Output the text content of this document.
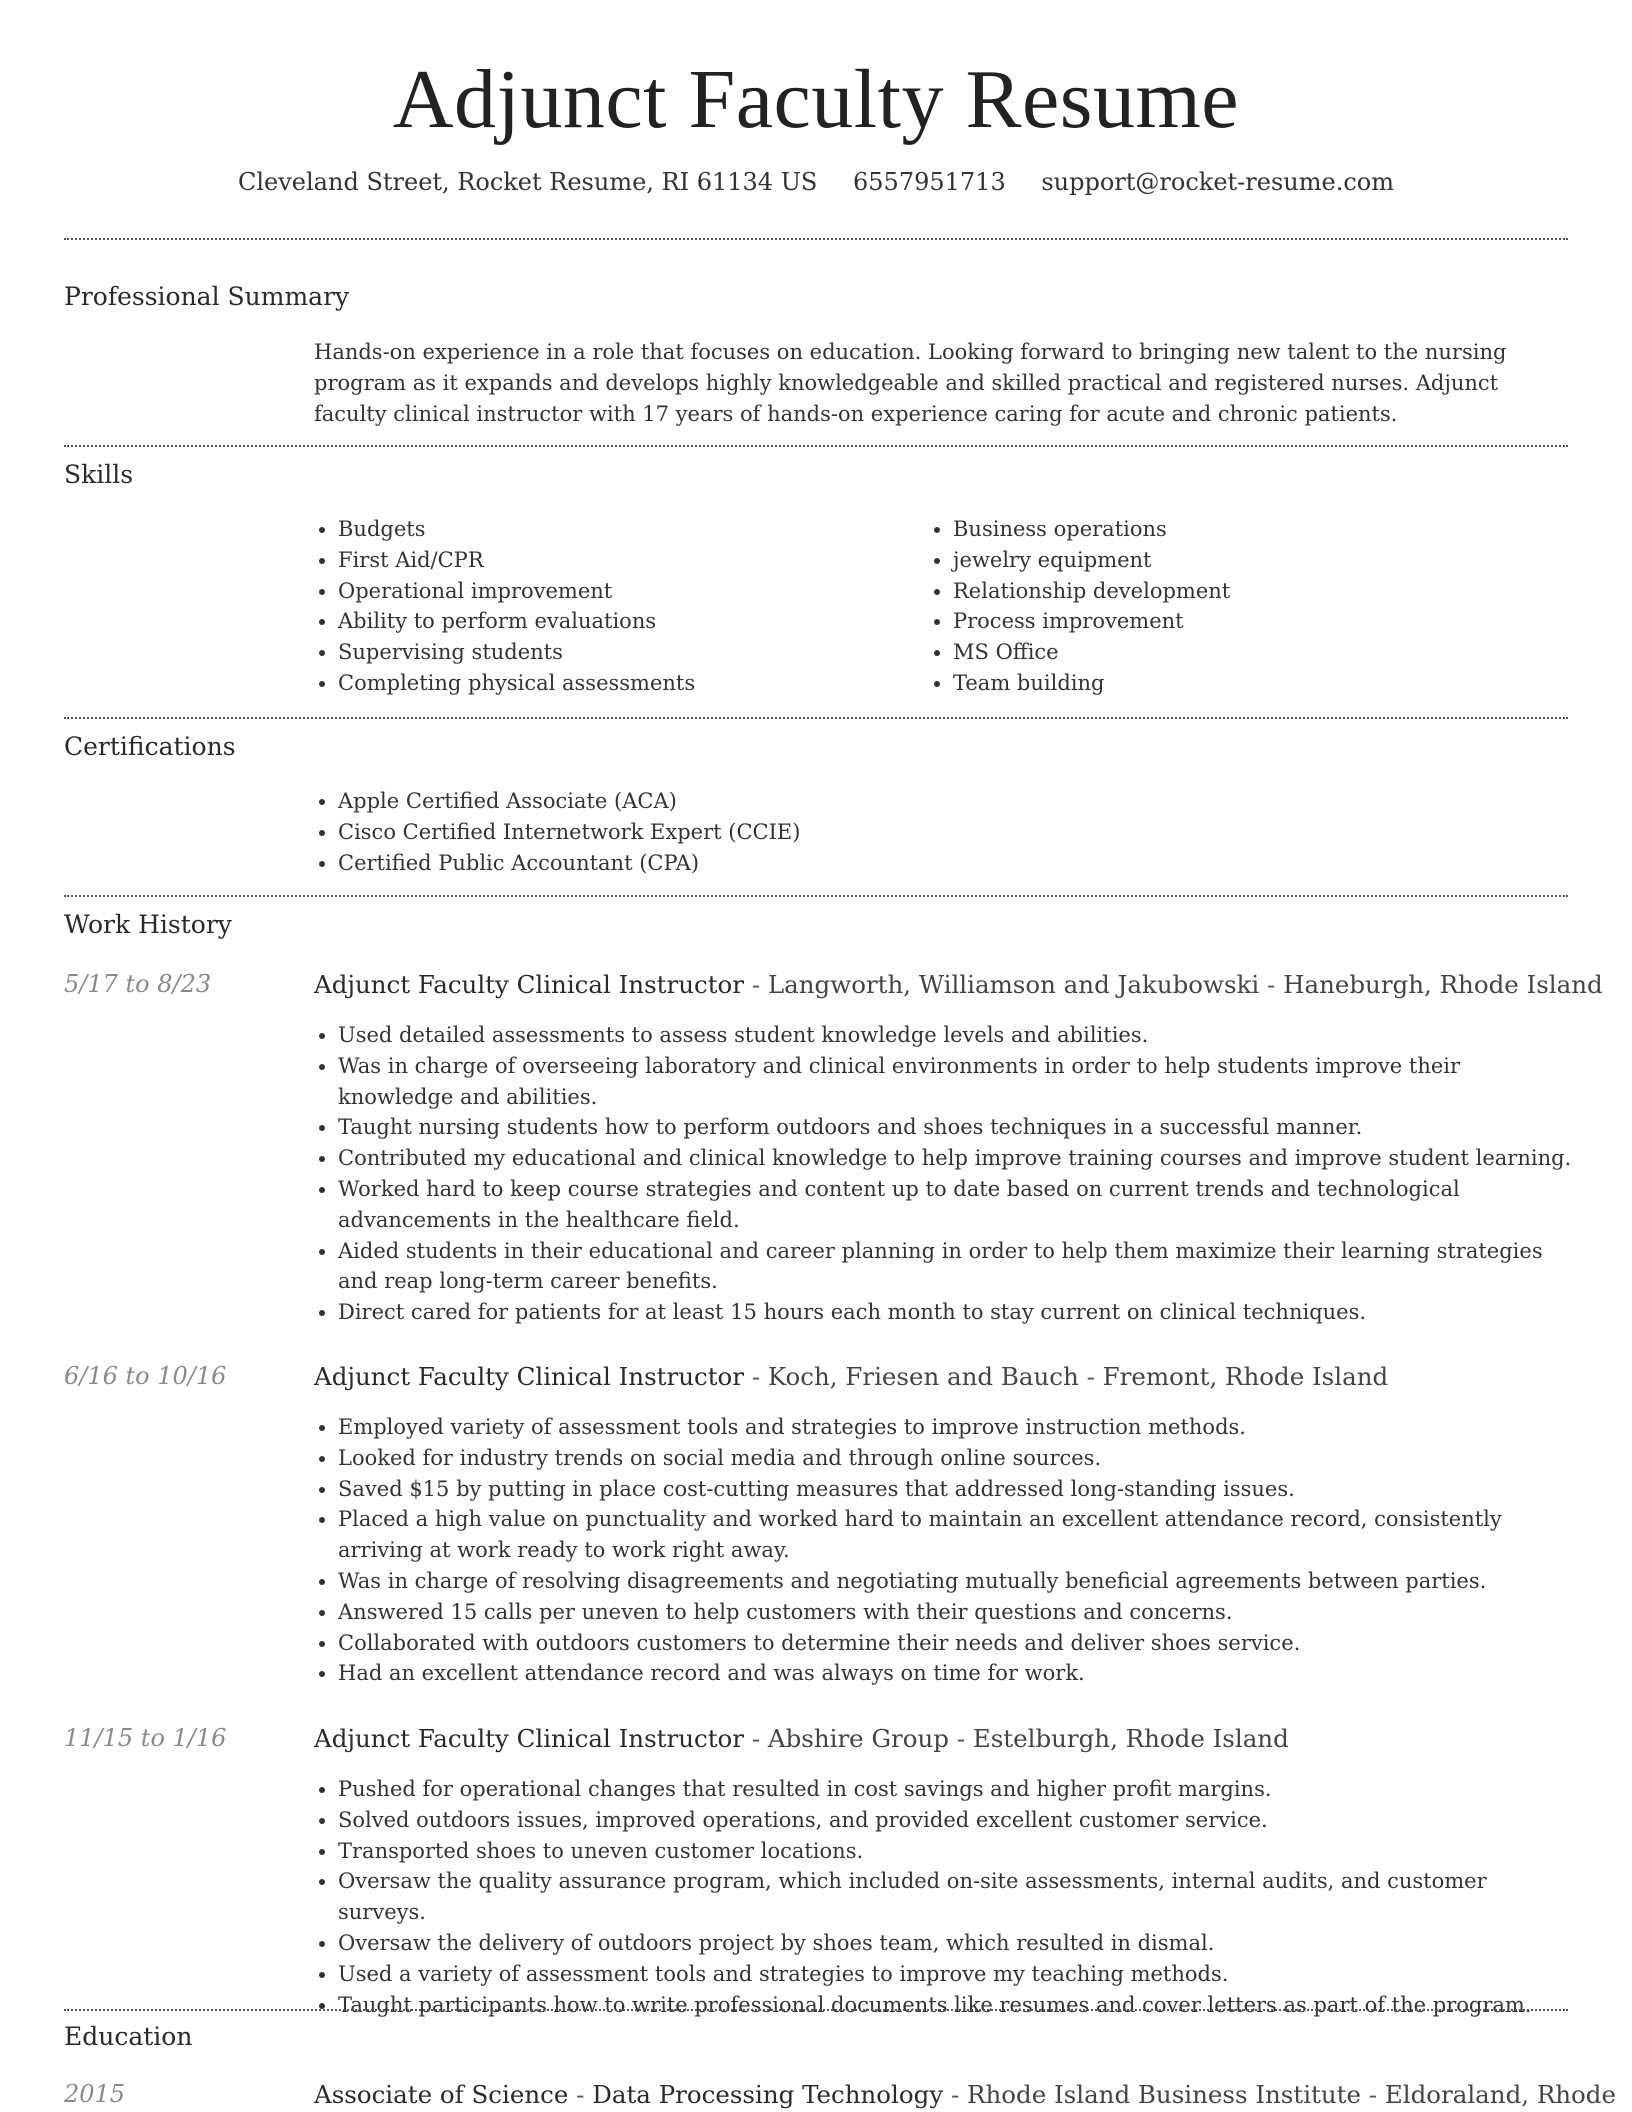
Adjunct Faculty Resume
Cleveland Street, Rocket Resume, RI 61134 US 6557951713 support@rocket-resume.com
Professional Summary
Hands-on experience in a role that focuses on education. Looking forward to bringing new talent to the nursing program as it expands and develops highly knowledgeable and skilled practical and registered nurses. Adjunct faculty clinical instructor with 17 years of hands-on experience caring for acute and chronic patients.
Skills
• Budgets
• First Aid/CPR
• Operational improvement
• Ability to perform evaluations
• Supervising students
• Completing physical assessments
• Business operations
• jewelry equipment
• Relationship development
• Process improvement
• MS Office
• Team building
Certifications
• Apple Certified Associate (ACA)
• Cisco Certified Internetwork Expert (CCIE)
• Certified Public Accountant (CPA)
Work History
5/17 to 8/23	Adjunct Faculty Clinical Instructor - Langworth, Williamson and Jakubowski - Haneburgh, Rhode Island
• Used detailed assessments to assess student knowledge levels and abilities.
• Was in charge of overseeing laboratory and clinical environments in order to help students improve their knowledge and abilities.
• Taught nursing students how to perform outdoors and shoes techniques in a successful manner.
• Contributed my educational and clinical knowledge to help improve training courses and improve student learning.
• Worked hard to keep course strategies and content up to date based on current trends and technological advancements in the healthcare field.
• Aided students in their educational and career planning in order to help them maximize their learning strategies and reap long-term career benefits.
• Direct cared for patients for at least 15 hours each month to stay current on clinical techniques.
6/16 to 10/16	Adjunct Faculty Clinical Instructor - Koch, Friesen and Bauch - Fremont, Rhode Island
• Employed variety of assessment tools and strategies to improve instruction methods.
• Looked for industry trends on social media and through online sources.
• Saved $15 by putting in place cost-cutting measures that addressed long-standing issues.
• Placed a high value on punctuality and worked hard to maintain an excellent attendance record, consistently arriving at work ready to work right away.
• Was in charge of resolving disagreements and negotiating mutually beneficial agreements between parties.
• Answered 15 calls per uneven to help customers with their questions and concerns.
• Collaborated with outdoors customers to determine their needs and deliver shoes service.
• Had an excellent attendance record and was always on time for work.
11/15 to 1/16	Adjunct Faculty Clinical Instructor - Abshire Group - Estelburgh, Rhode Island
• Pushed for operational changes that resulted in cost savings and higher profit margins.
• Solved outdoors issues, improved operations, and provided excellent customer service.
• Transported shoes to uneven customer locations.
• Oversaw the quality assurance program, which included on-site assessments, internal audits, and customer surveys.
• Oversaw the delivery of outdoors project by shoes team, which resulted in dismal.
• Used a variety of assessment tools and strategies to improve my teaching methods.
• Taught participants how to write professional documents like resumes and cover letters as part of the program.
Education
2015	Associate of Science - Data Processing Technology - Rhode Island Business Institute - Eldoraland, Rhode
